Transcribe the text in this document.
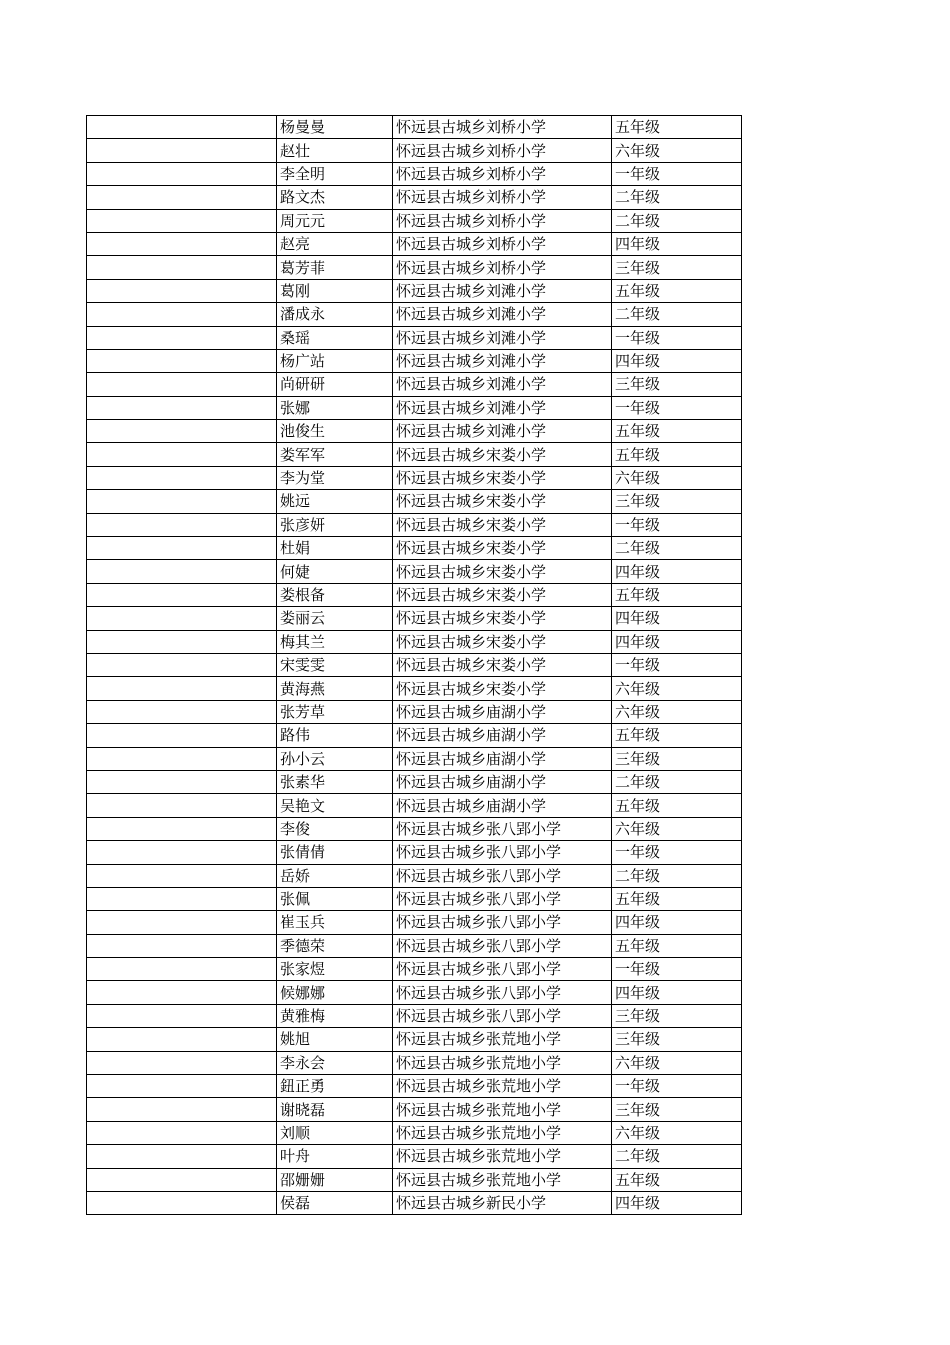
	杨曼曼	怀远县古城乡刘桥小学	五年级
	赵壮	怀远县古城乡刘桥小学	六年级
	李全明	怀远县古城乡刘桥小学	一年级
	路文杰	怀远县古城乡刘桥小学	二年级
	周元元	怀远县古城乡刘桥小学	二年级
	赵亮	怀远县古城乡刘桥小学	四年级
	葛芳菲	怀远县古城乡刘桥小学	三年级
	葛刚	怀远县古城乡刘滩小学	五年级
	潘成永	怀远县古城乡刘滩小学	二年级
	桑瑶	怀远县古城乡刘滩小学	一年级
	杨广站	怀远县古城乡刘滩小学	四年级
	尚研研	怀远县古城乡刘滩小学	三年级
	张娜	怀远县古城乡刘滩小学	一年级
	池俊生	怀远县古城乡刘滩小学	五年级
	娄军军	怀远县古城乡宋娄小学	五年级
	李为堂	怀远县古城乡宋娄小学	六年级
	姚远	怀远县古城乡宋娄小学	三年级
	张彦妍	怀远县古城乡宋娄小学	一年级
	杜娟	怀远县古城乡宋娄小学	二年级
	何婕	怀远县古城乡宋娄小学	四年级
	娄根备	怀远县古城乡宋娄小学	五年级
	娄丽云	怀远县古城乡宋娄小学	四年级
	梅其兰	怀远县古城乡宋娄小学	四年级
	宋雯雯	怀远县古城乡宋娄小学	一年级
	黄海燕	怀远县古城乡宋娄小学	六年级
	张芳草	怀远县古城乡庙湖小学	六年级
	路伟	怀远县古城乡庙湖小学	五年级
	孙小云	怀远县古城乡庙湖小学	三年级
	张素华	怀远县古城乡庙湖小学	二年级
	吴艳文	怀远县古城乡庙湖小学	五年级
	李俊	怀远县古城乡张八郢小学	六年级
	张倩倩	怀远县古城乡张八郢小学	一年级
	岳娇	怀远县古城乡张八郢小学	二年级
	张佩	怀远县古城乡张八郢小学	五年级
	崔玉兵	怀远县古城乡张八郢小学	四年级
	季德荣	怀远县古城乡张八郢小学	五年级
	张家煜	怀远县古城乡张八郢小学	一年级
	候娜娜	怀远县古城乡张八郢小学	四年级
	黄雅梅	怀远县古城乡张八郢小学	三年级
	姚旭	怀远县古城乡张荒地小学	三年级
	李永会	怀远县古城乡张荒地小学	六年级
	鈕正勇	怀远县古城乡张荒地小学	一年级
	谢晓磊	怀远县古城乡张荒地小学	三年级
	刘顺	怀远县古城乡张荒地小学	六年级
	叶舟	怀远县古城乡张荒地小学	二年级
	邵姗姗	怀远县古城乡张荒地小学	五年级
	侯磊	怀远县古城乡新民小学	四年级
